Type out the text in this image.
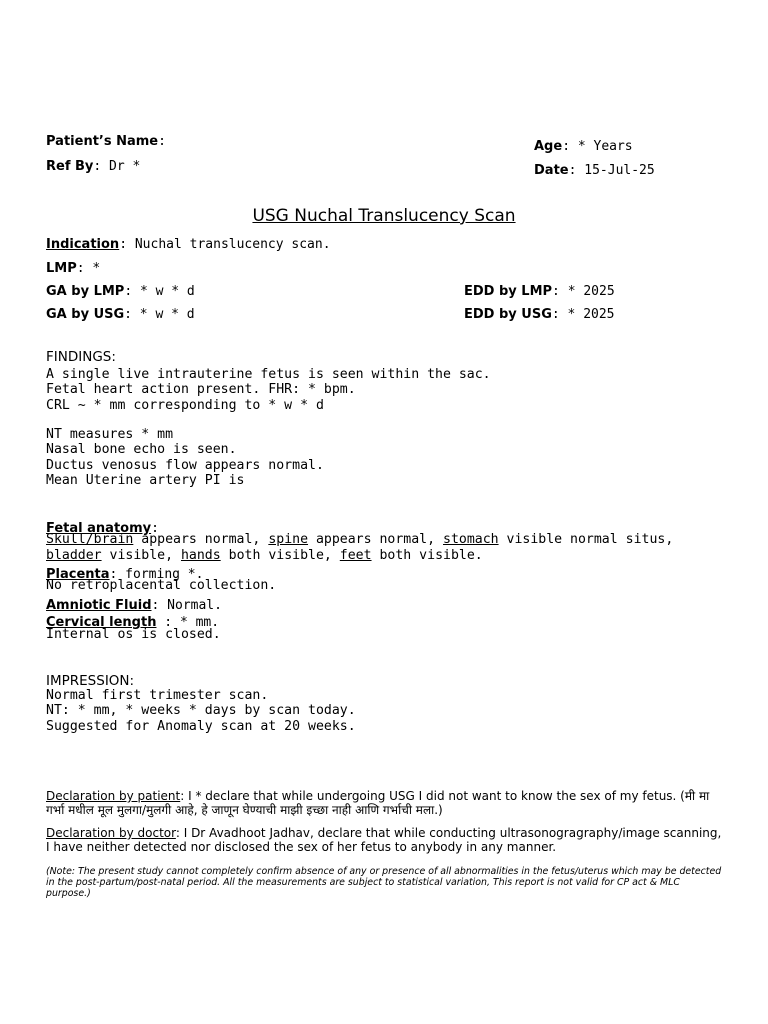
Patient’s Name:
Ref By: Dr *
Age: * Years
Date: 15-Jul-25
USG Nuchal Translucency Scan
Indication: Nuchal translucency scan.
LMP: *
GA by LMP: * w * d
GA by USG: * w * d
EDD by LMP: * 2025
EDD by USG: * 2025
FINDINGS:
A single live intrauterine fetus is seen within the sac.
Fetal heart action present. FHR: * bpm.
CRL ~ * mm corresponding to * w * d
NT measures * mm
Nasal bone echo is seen.
Ductus venosus flow appears normal.
Mean Uterine artery PI is
Fetal anatomy:
Skull/brain appears normal, spine appears normal, stomach visible normal situs,
bladder visible, hands both visible, feet both visible.
Placenta: forming *.
No retroplacental collection.
Amniotic Fluid: Normal.
Cervical length : * mm.
Internal os is closed.
IMPRESSION:
Normal first trimester scan.
NT: * mm, * weeks * days by scan today.
Suggested for Anomaly scan at 20 weeks.
Declaration by patient: I * declare that while undergoing USG I did not want to know the sex of my fetus. (मी मा
गर्भा मधील मूल मुलगा/मुलगी आहे, हे जाणून घेण्याची माझी इच्छा नाही आणि गर्भाची मला.)
Declaration by doctor: I Dr Avadhoot Jadhav, declare that while conducting ultrasonogragraphy/image scanning, I have neither detected nor disclosed the sex of her fetus to anybody in any manner.
(Note: The present study cannot completely confirm absence of any or presence of all abnormalities in the fetus/uterus which may be detected in the post-partum/post-natal period. All the measurements are subject to statistical variation, This report is not valid for CP act & MLC purpose.)
